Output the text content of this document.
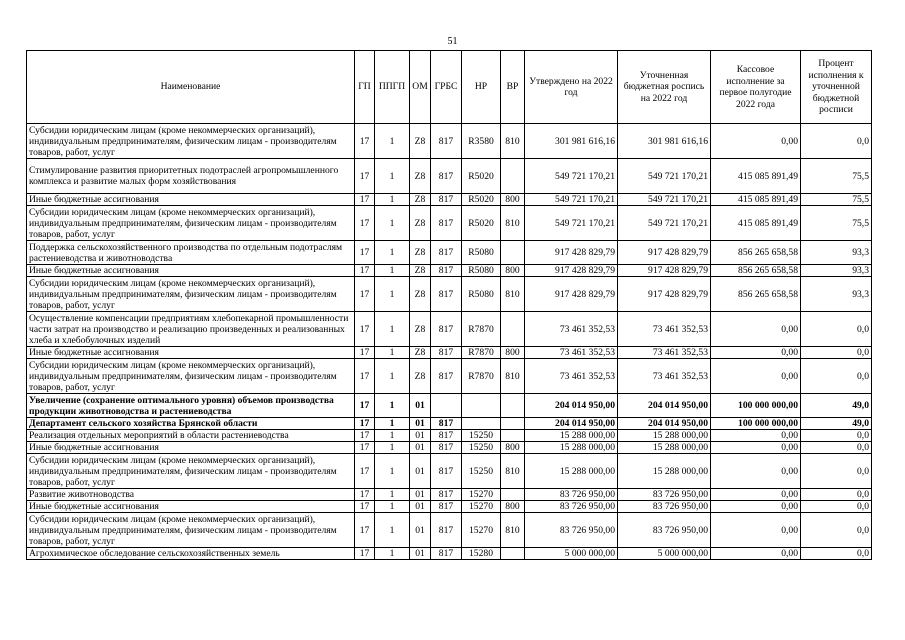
51
Наименование	ГП	ППГП	ОМ	ГРБС	НР	ВР	Утверждено на 2022 год	Уточненная бюджетная роспись на 2022 год	Кассовое исполнение за первое полугодие 2022 года	Процент исполнения к уточненной бюджетной росписи
Субсидии юридическим лицам (кроме некоммерческих организаций), индивидуальным предпринимателям, физическим лицам - производителям товаров, работ, услуг	17	1	Z8	817	R3580	810	301 981 616,16	301 981 616,16	0,00	0,0
Стимулирование развития приоритетных подотраслей агропромышленного комплекса и развитие малых форм хозяйствования	17	1	Z8	817	R5020		549 721 170,21	549 721 170,21	415 085 891,49	75,5
Иные бюджетные ассигнования	17	1	Z8	817	R5020	800	549 721 170,21	549 721 170,21	415 085 891,49	75,5
Субсидии юридическим лицам (кроме некоммерческих организаций), индивидуальным предпринимателям, физическим лицам - производителям товаров, работ, услуг	17	1	Z8	817	R5020	810	549 721 170,21	549 721 170,21	415 085 891,49	75,5
Поддержка сельскохозяйственного производства по отдельным подотраслям растениеводства и животноводства	17	1	Z8	817	R5080		917 428 829,79	917 428 829,79	856 265 658,58	93,3
Иные бюджетные ассигнования	17	1	Z8	817	R5080	800	917 428 829,79	917 428 829,79	856 265 658,58	93,3
Субсидии юридическим лицам (кроме некоммерческих организаций), индивидуальным предпринимателям, физическим лицам - производителям товаров, работ, услуг	17	1	Z8	817	R5080	810	917 428 829,79	917 428 829,79	856 265 658,58	93,3
Осуществление компенсации предприятиям хлебопекарной промышленности части затрат на производство и реализацию произведенных и реализованных хлеба и хлебобулочных изделий	17	1	Z8	817	R7870		73 461 352,53	73 461 352,53	0,00	0,0
Иные бюджетные ассигнования	17	1	Z8	817	R7870	800	73 461 352,53	73 461 352,53	0,00	0,0
Субсидии юридическим лицам (кроме некоммерческих организаций), индивидуальным предпринимателям, физическим лицам - производителям товаров, работ, услуг	17	1	Z8	817	R7870	810	73 461 352,53	73 461 352,53	0,00	0,0
Увеличение (сохранение оптимального уровня) объемов производства продукции животноводства и растениеводства	17	1	01				204 014 950,00	204 014 950,00	100 000 000,00	49,0
Департамент сельского хозяйства Брянской области	17	1	01	817			204 014 950,00	204 014 950,00	100 000 000,00	49,0
Реализация отдельных мероприятий в области растениеводства	17	1	01	817	15250		15 288 000,00	15 288 000,00	0,00	0,0
Иные бюджетные ассигнования	17	1	01	817	15250	800	15 288 000,00	15 288 000,00	0,00	0,0
Субсидии юридическим лицам (кроме некоммерческих организаций), индивидуальным предпринимателям, физическим лицам - производителям товаров, работ, услуг	17	1	01	817	15250	810	15 288 000,00	15 288 000,00	0,00	0,0
Развитие животноводства	17	1	01	817	15270		83 726 950,00	83 726 950,00	0,00	0,0
Иные бюджетные ассигнования	17	1	01	817	15270	800	83 726 950,00	83 726 950,00	0,00	0,0
Субсидии юридическим лицам (кроме некоммерческих организаций), индивидуальным предпринимателям, физическим лицам - производителям товаров, работ, услуг	17	1	01	817	15270	810	83 726 950,00	83 726 950,00	0,00	0,0
Агрохимическое обследование сельскохозяйственных земель	17	1	01	817	15280		5 000 000,00	5 000 000,00	0,00	0,0
